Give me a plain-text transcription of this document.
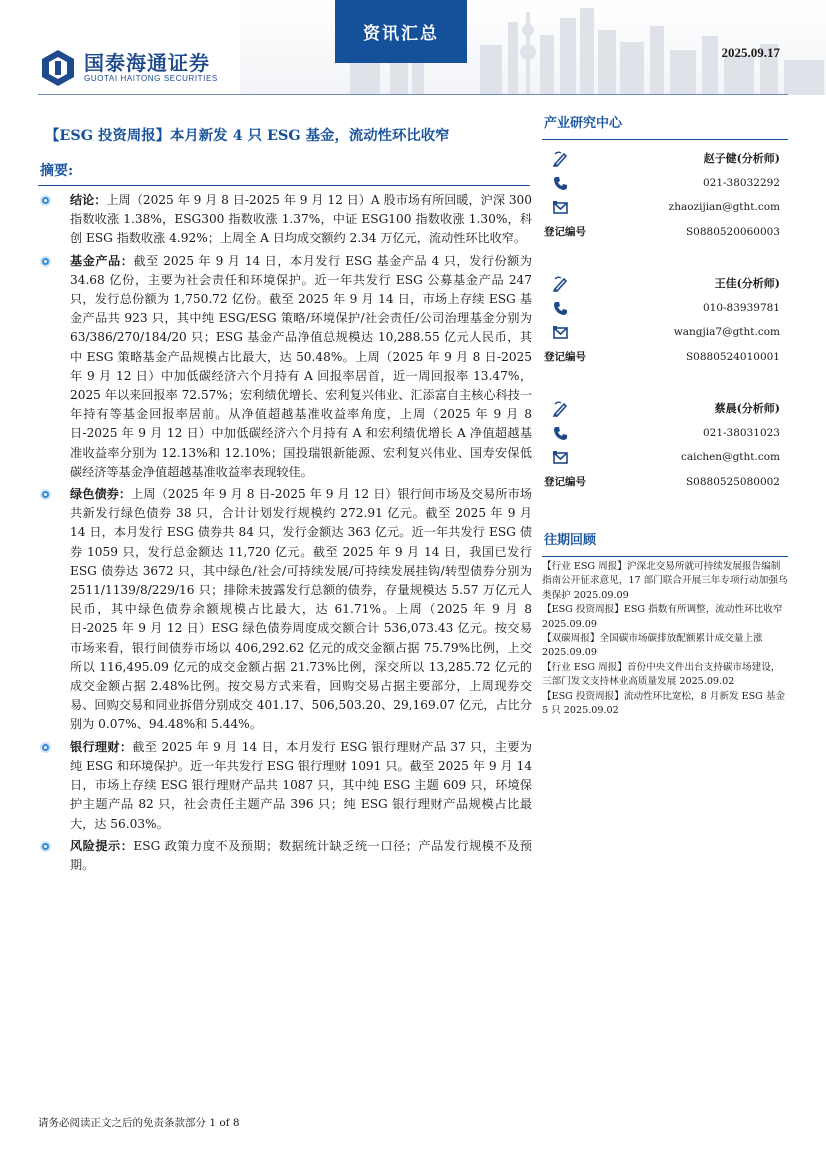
国泰海通证券
GUOTAI HAITONG SECURITIES
资讯汇总
2025.09.17
【ESG 投资周报】本月新发 4 只 ESG 基金，流动性环比收窄
摘要:
结论：上周（2025 年 9 月 8 日-2025 年 9 月 12 日）A 股市场有所回暖，沪深 300 指数收涨 1.38%，ESG300 指数收涨 1.37%，中证 ESG100 指数收涨 1.30%，科创 ESG 指数收涨 4.92%；上周全 A 日均成交额约 2.34 万亿元，流动性环比收窄。
基金产品：截至 2025 年 9 月 14 日，本月发行 ESG 基金产品 4 只，发行份额为 34.68 亿份，主要为社会责任和环境保护。近一年共发行 ESG 公募基金产品 247 只，发行总份额为 1,750.72 亿份。截至 2025 年 9 月 14 日，市场上存续 ESG 基金产品共 923 只，其中纯 ESG/ESG 策略/环境保护/社会责任/公司治理基金分别为 63/386/270/184/20 只；ESG 基金产品净值总规模达 10,288.55 亿元人民币，其中 ESG 策略基金产品规模占比最大，达 50.48%。上周（2025 年 9 月 8 日-2025 年 9 月 12 日）中加低碳经济六个月持有 A 回报率居首，近一周回报率 13.47%，2025 年以来回报率 72.57%；宏利绩优增长、宏利复兴伟业、汇添富自主核心科技一年持有等基金回报率居前。从净值超越基准收益率角度，上周（2025 年 9 月 8 日-2025 年 9 月 12 日）中加低碳经济六个月持有 A 和宏利绩优增长 A 净值超越基准收益率分别为 12.13%和 12.10%；国投瑞银新能源、宏利复兴伟业、国寿安保低碳经济等基金净值超越基准收益率表现较佳。
绿色债券：上周（2025 年 9 月 8 日-2025 年 9 月 12 日）银行间市场及交易所市场共新发行绿色债券 38 只，合计计划发行规模约 272.91 亿元。截至 2025 年 9 月 14 日，本月发行 ESG 债券共 84 只，发行金额达 363 亿元。近一年共发行 ESG 债券 1059 只，发行总金额达 11,720 亿元。截至 2025 年 9 月 14 日，我国已发行 ESG 债券达 3672 只，其中绿色/社会/可持续发展/可持续发展挂钩/转型债券分别为 2511/1139/8/229/16 只；排除未披露发行总额的债券，存量规模达 5.57 万亿元人民币，其中绿色债券余额规模占比最大，达 61.71%。上周（2025 年 9 月 8 日-2025 年 9 月 12 日）ESG 绿色债券周度成交额合计 536,073.43 亿元。按交易市场来看，银行间债券市场以 406,292.62 亿元的成交金额占据 75.79%比例，上交所以 116,495.09 亿元的成交金额占据 21.73%比例，深交所以 13,285.72 亿元的成交金额占据 2.48%比例。按交易方式来看，回购交易占据主要部分，上周现券交易、回购交易和同业拆借分别成交 401.17、506,503.20、29,169.07 亿元，占比分别为 0.07%、94.48%和 5.44%。
银行理财：截至 2025 年 9 月 14 日，本月发行 ESG 银行理财产品 37 只，主要为纯 ESG 和环境保护。近一年共发行 ESG 银行理财 1091 只。截至 2025 年 9 月 14 日，市场上存续 ESG 银行理财产品共 1087 只，其中纯 ESG 主题 609 只，环境保护主题产品 82 只，社会责任主题产品 396 只；纯 ESG 银行理财产品规模占比最大，达 56.03%。
风险提示：ESG 政策力度不及预期；数据统计缺乏统一口径；产品发行规模不及预期。
产业研究中心
赵子健(分析师)
021-38032292
zhaozijian@gtht.com
登记编号	S0880520060003
王佳(分析师)
010-83939781
wangjia7@gtht.com
登记编号	S0880524010001
蔡晨(分析师)
021-38031023
caichen@gtht.com
登记编号	S0880525080002
往期回顾
【行业 ESG 周报】沪深北交易所就可持续发展报告编制指南公开征求意见，17 部门联合开展三年专项行动加强乌类保护 2025.09.09
【ESG 投资周报】ESG 指数有所调整，流动性环比收窄 2025.09.09
【双碳周报】全国碳市场碳排放配额累计成交量上涨 2025.09.09
【行业 ESG 周报】首份中央文件出台支持碳市场建设，三部门发文支持林业高质量发展 2025.09.02
【ESG 投资周报】流动性环比宽松，8 月新发 ESG 基金 5 只 2025.09.02
请务必阅读正文之后的免责条款部分 1 of 8
